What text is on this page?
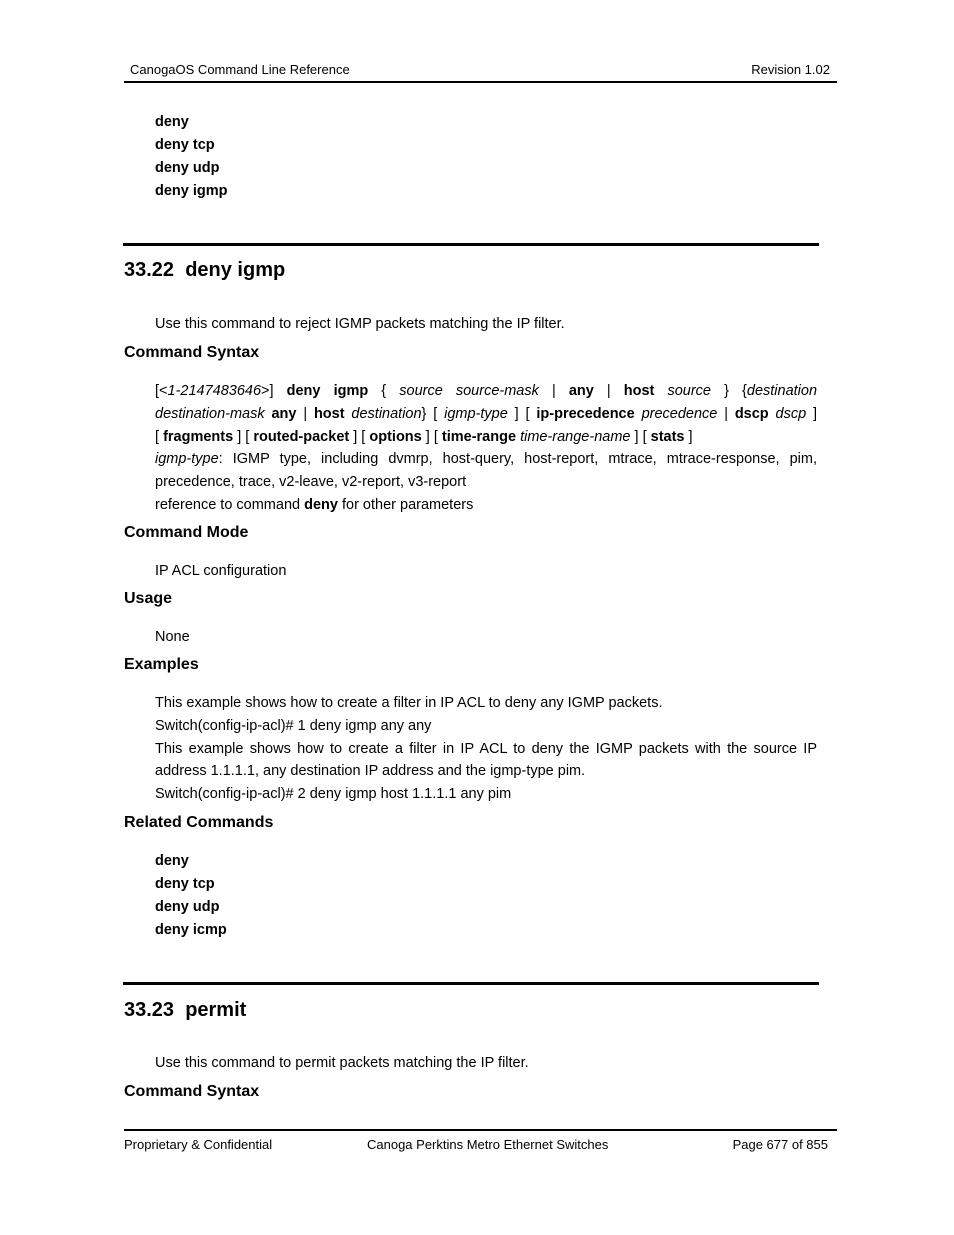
CanogaOS Command Line Reference	Revision 1.02
deny
deny tcp
deny udp
deny igmp
33.22 deny igmp
Use this command to reject IGMP packets matching the IP filter.
Command Syntax
[<1-2147483646>] deny igmp { source source-mask | any | host source } {destination
destination-mask any | host destination} [ igmp-type ] [ ip-precedence precedence | dscp dscp ]
[ fragments ] [ routed-packet ] [ options ] [ time-range time-range-name ] [ stats ]
igmp-type: IGMP type, including dvmrp, host-query, host-report, mtrace, mtrace-response, pim,
precedence, trace, v2-leave, v2-report, v3-report
reference to command deny for other parameters
Command Mode
IP ACL configuration
Usage
None
Examples
This example shows how to create a filter in IP ACL to deny any IGMP packets.
Switch(config-ip-acl)# 1 deny igmp any any
This example shows how to create a filter in IP ACL to deny the IGMP packets with the source IP
address 1.1.1.1, any destination IP address and the igmp-type pim.
Switch(config-ip-acl)# 2 deny igmp host 1.1.1.1 any pim
Related Commands
deny
deny tcp
deny udp
deny icmp
33.23 permit
Use this command to permit packets matching the IP filter.
Command Syntax
Proprietary & Confidential	Canoga Perktins Metro Ethernet Switches	Page 677 of 855
